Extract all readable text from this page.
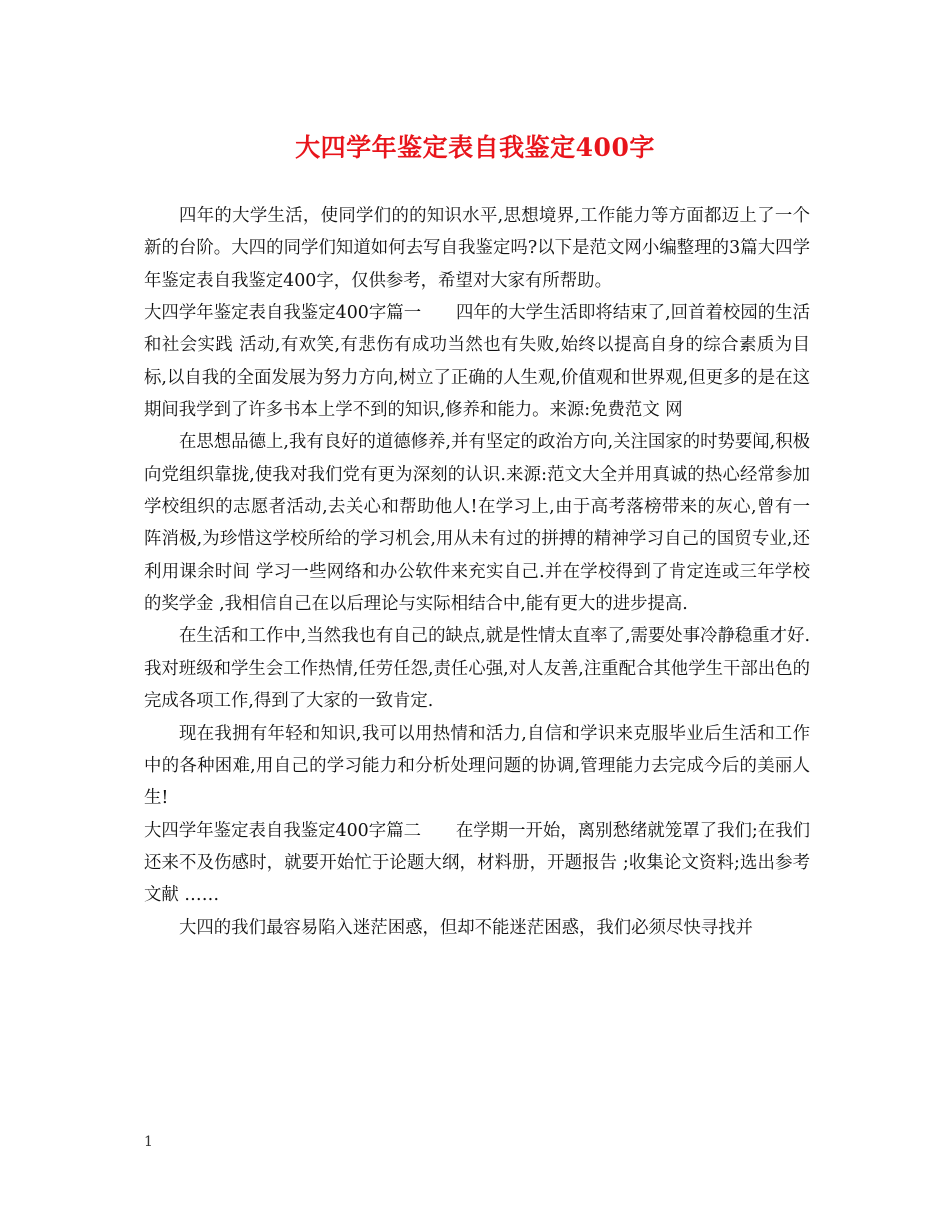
大四学年鉴定表自我鉴定400字

四年的大学生活，使同学们的的知识水平,思想境界,工作能力等方面都迈上了一个新的台阶。大四的同学们知道如何去写自我鉴定吗?以下是范文网小编整理的3篇大四学年鉴定表自我鉴定400字，仅供参考，希望对大家有所帮助。

大四学年鉴定表自我鉴定400字篇一　　四年的大学生活即将结束了,回首着校园的生活和社会实践 活动,有欢笑,有悲伤有成功当然也有失败,始终以提高自身的综合素质为目标,以自我的全面发展为努力方向,树立了正确的人生观,价值观和世界观,但更多的是在这期间我学到了许多书本上学不到的知识,修养和能力。来源:免费范文 网

在思想品德上,我有良好的道德修养,并有坚定的政治方向,关注国家的时势要闻,积极向党组织靠拢,使我对我们党有更为深刻的认识.来源:范文大全并用真诚的热心经常参加学校组织的志愿者活动,去关心和帮助他人!在学习上,由于高考落榜带来的灰心,曾有一阵消极,为珍惜这学校所给的学习机会,用从未有过的拼搏的精神学习自己的国贸专业,还利用课余时间 学习一些网络和办公软件来充实自己.并在学校得到了肯定连或三年学校的奖学金 ,我相信自己在以后理论与实际相结合中,能有更大的进步提高.

在生活和工作中,当然我也有自己的缺点,就是性情太直率了,需要处事冷静稳重才好.我对班级和学生会工作热情,任劳任怨,责任心强,对人友善,注重配合其他学生干部出色的完成各项工作,得到了大家的一致肯定.

现在我拥有年轻和知识,我可以用热情和活力,自信和学识来克服毕业后生活和工作中的各种困难,用自己的学习能力和分析处理问题的协调,管理能力去完成今后的美丽人生!

大四学年鉴定表自我鉴定400字篇二　　在学期一开始，离别愁绪就笼罩了我们;在我们还来不及伤感时，就要开始忙于论题大纲，材料册，开题报告 ;收集论文资料;选出参考文献 ……

大四的我们最容易陷入迷茫困惑，但却不能迷茫困惑，我们必须尽快寻找并

1
